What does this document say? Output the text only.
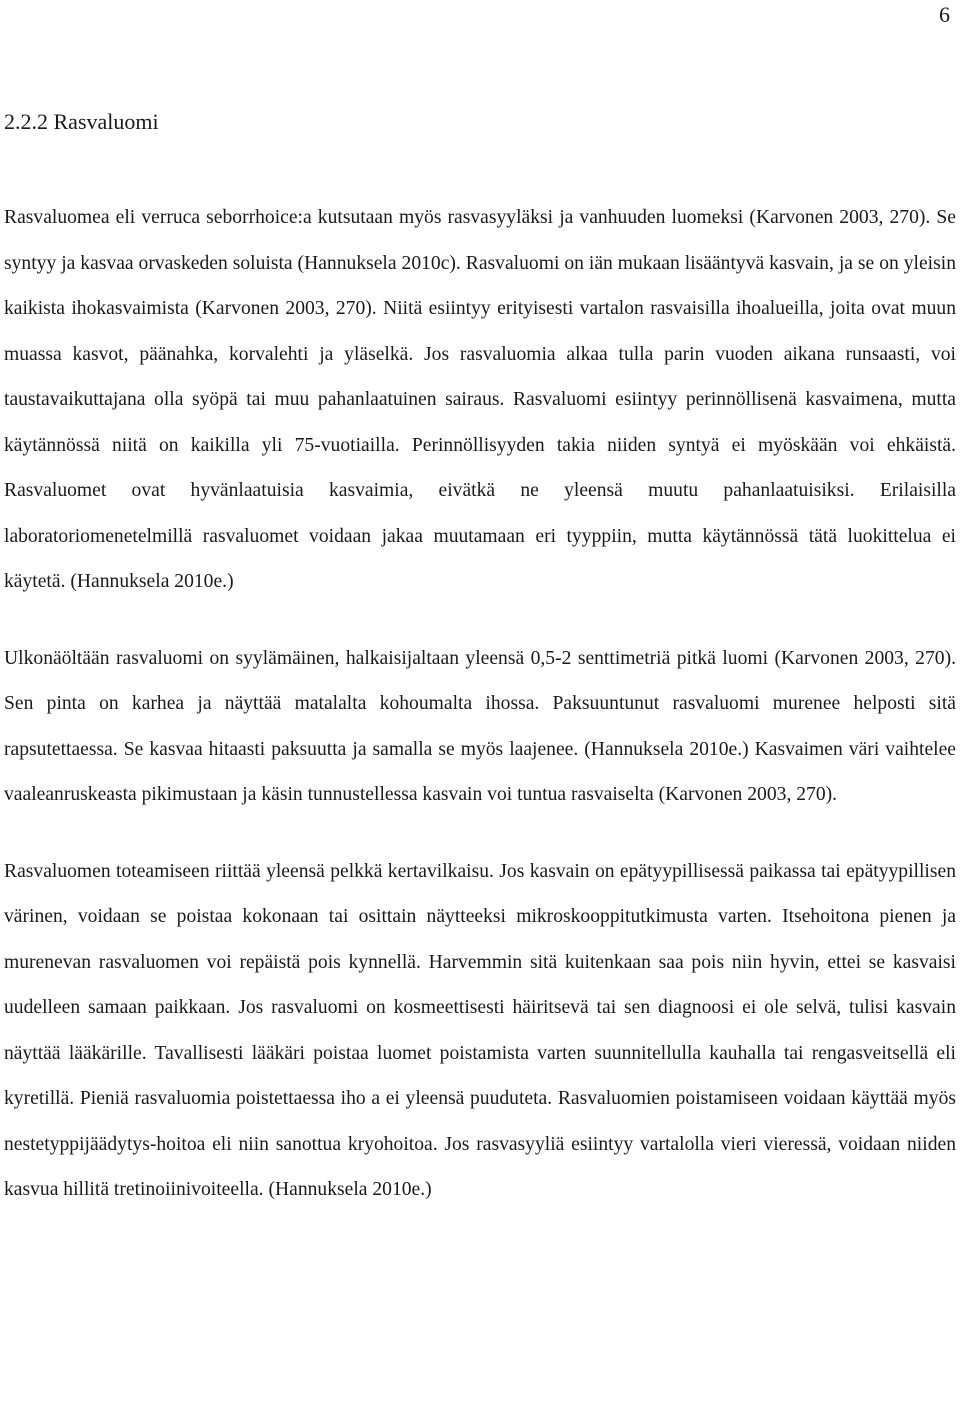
6
2.2.2 Rasvaluomi

Rasvaluomea eli verruca seborrhoice:a kutsutaan myös rasvasyyläksi ja vanhuuden luomeksi (Karvonen 2003, 270). Se syntyy ja kasvaa orvaskeden soluista (Hannuksela 2010c). Rasvaluomi on iän mukaan lisääntyvä kasvain, ja se on yleisin kaikista ihokasvaimista (Karvonen 2003, 270). Niitä esiintyy erityisesti vartalon rasvaisilla ihoalueilla, joita ovat muun muassa kasvot, päänahka, korvalehti ja yläselkä. Jos rasvaluomia alkaa tulla parin vuoden aikana runsaasti, voi taustavaikuttajana olla syöpä tai muu pahanlaatuinen sairaus. Rasvaluomi esiintyy perinnöllisenä kasvaimena, mutta käytännössä niitä on kaikilla yli 75-vuotiailla. Perinnöllisyyden takia niiden syntyä ei myöskään voi ehkäistä. Rasvaluomet ovat hyvänlaatuisia kasvaimia, eivätkä ne yleensä muutu pahanlaatuisiksi. Erilaisilla laboratoriomenetelmillä rasvaluomet voidaan jakaa muutamaan eri tyyppiin, mutta käytännössä tätä luokittelua ei käytetä. (Hannuksela 2010e.)

Ulkonäöltään rasvaluomi on syylämäinen, halkaisijaltaan yleensä 0,5-2 senttimetriä pitkä luomi (Karvonen 2003, 270). Sen pinta on karhea ja näyttää matalalta kohoumalta ihossa. Paksuuntunut rasvaluomi murenee helposti sitä rapsutettaessa. Se kasvaa hitaasti paksuutta ja samalla se myös laajenee. (Hannuksela 2010e.) Kasvaimen väri vaihtelee vaaleanruskeasta pikimustaan ja käsin tunnustellessa kasvain voi tuntua rasvaiselta (Karvonen 2003, 270).

Rasvaluomen toteamiseen riittää yleensä pelkkä kertavilkaisu. Jos kasvain on epätyypillisessä paikassa tai epätyypillisen värinen, voidaan se poistaa kokonaan tai osittain näytteeksi mikroskooppitutkimusta varten. Itsehoitona pienen ja murenevan rasvaluomen voi repäistä pois kynnellä. Harvemmin sitä kuitenkaan saa pois niin hyvin, ettei se kasvaisi uudelleen samaan paikkaan. Jos rasvaluomi on kosmeettisesti häiritsevä tai sen diagnoosi ei ole selvä, tulisi kasvain näyttää lääkärille. Tavallisesti lääkäri poistaa luomet poistamista varten suunnitellulla kauhalla tai rengasveitsellä eli kyretillä. Pieniä rasvaluomia poistettaessa iho a ei yleensä puuduteta. Rasvaluomien poistamiseen voidaan käyttää myös nestetyppijäädytys-hoitoa eli niin sanottua kryohoitoa. Jos rasvasyyliä esiintyy vartalolla vieri vieressä, voidaan niiden kasvua hillitä tretinoiinivoiteella. (Hannuksela 2010e.)
